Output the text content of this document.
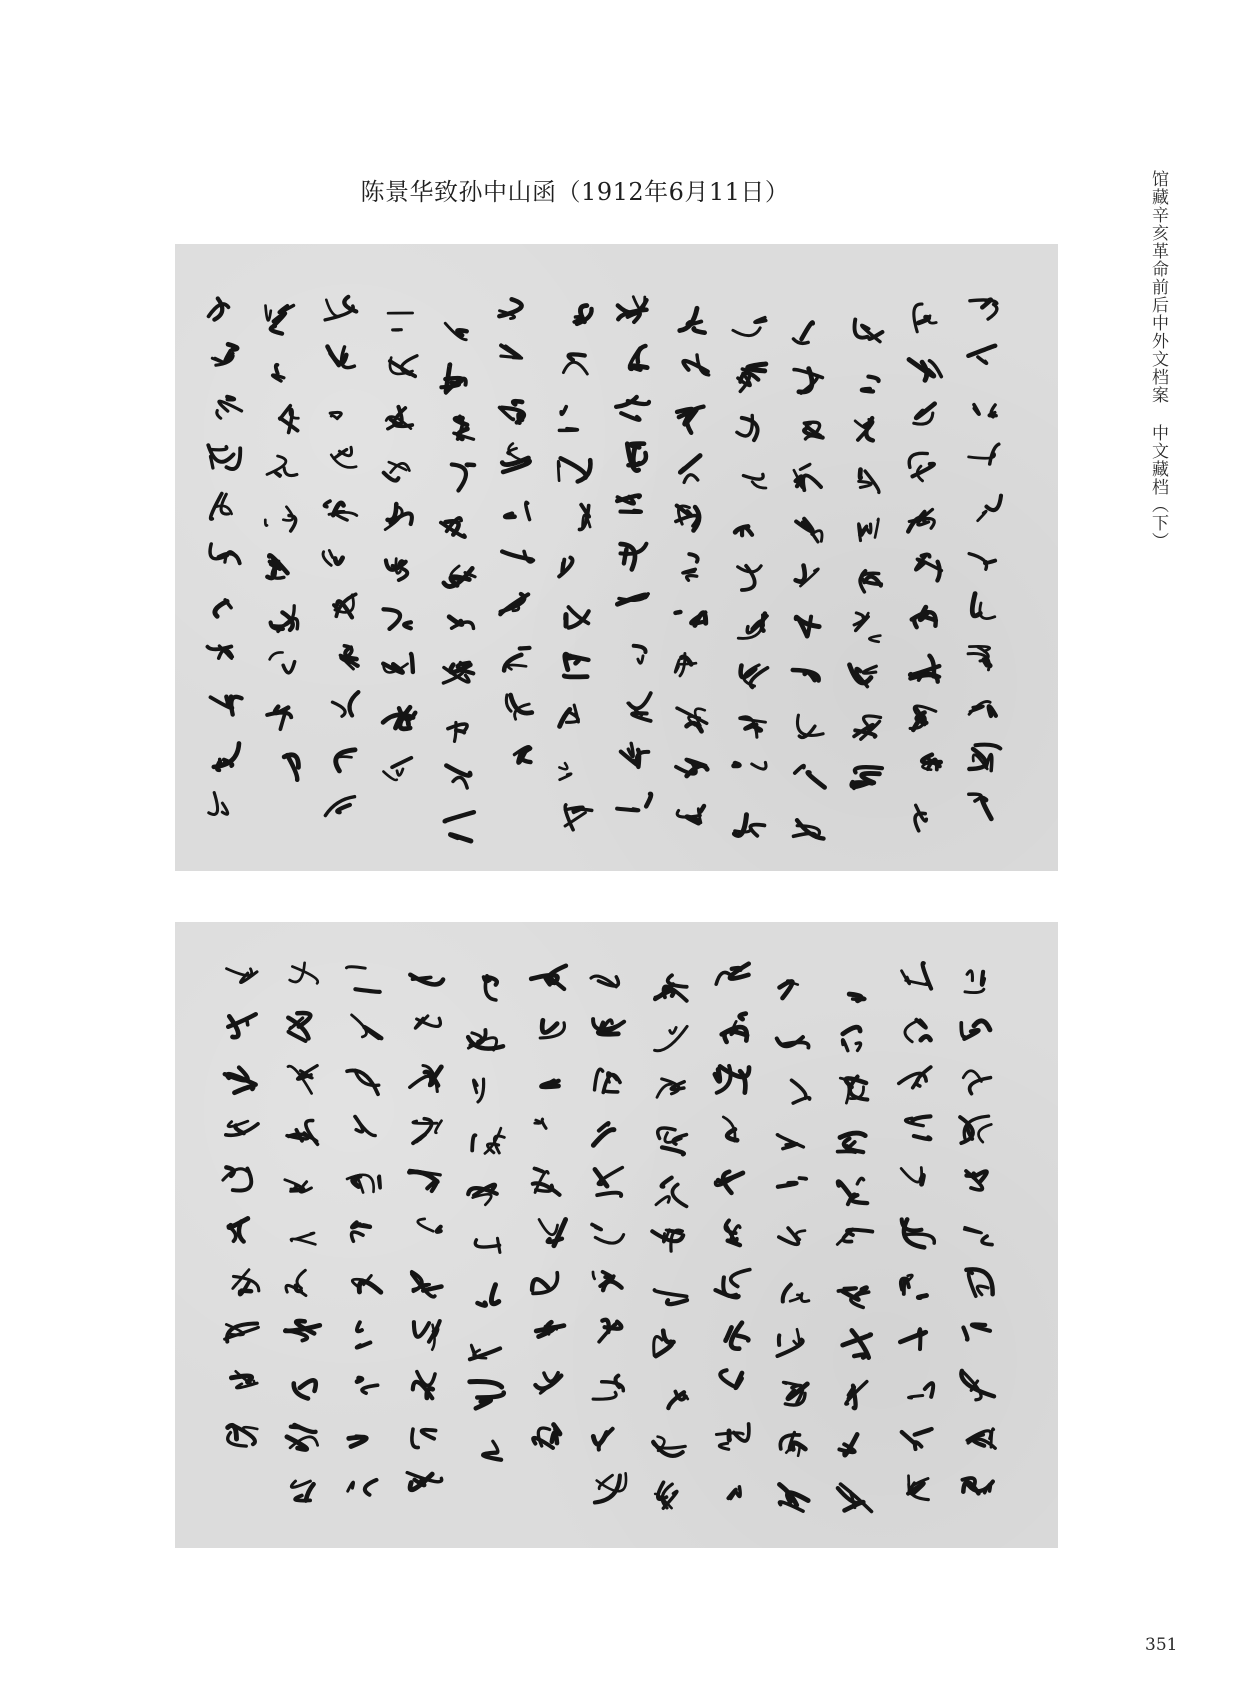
陈景华致孙中山函（1912年6月11日）	馆藏辛亥革命前后中外文档案中文藏档（下）
351
